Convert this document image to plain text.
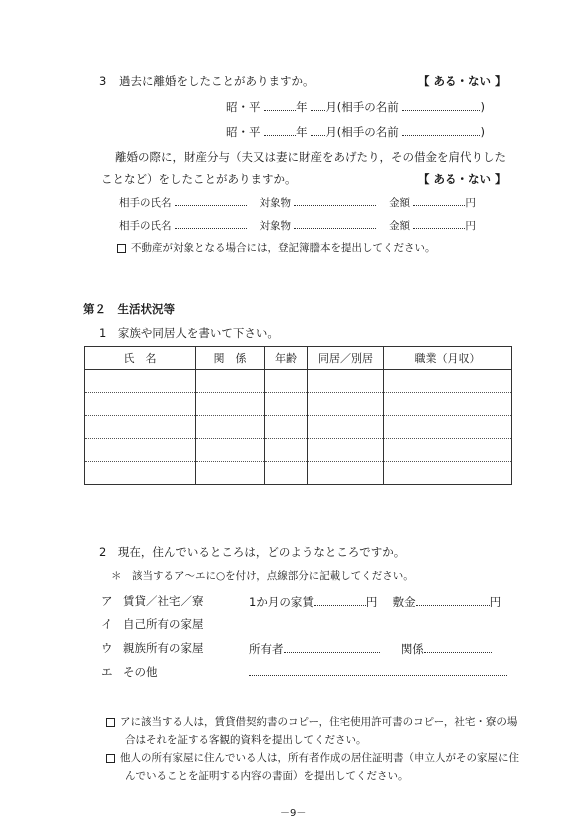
3 過去に離婚をしたことがありますか。	【 ある・ない 】
昭・平	年 月(相手の名前	)
昭・平	年 月(相手の名前	)
離婚の際に，財産分与（夫又は妻に財産をあげたり，その借金を肩代りした
ことなど）をしたことがありますか。	【 ある・ない 】
相手の氏名	対象物	金額	円
相手の氏名	対象物	金額	円
不動産が対象となる場合には，登記簿謄本を提出してください。
第２　生活状況等
1　家族や同居人を書いて下さい。
氏　名	関　係	年齢	同居／別居	職業（月収）

2　現在，住んでいるところは，どのようなところですか。
＊　該当するア～エに○を付け，点線部分に記載してください。
ア 賃貸／社宅／寮	1か月の家賃	円 敷金	円
イ 自己所有の家屋
ウ 親族所有の家屋	所有者	関係
エ その他
アに該当する人は，賃貸借契約書のコピー，住宅使用許可書のコピー，社宅・寮の場
合はそれを証する客観的資料を提出してください。
他人の所有家屋に住んでいる人は，所有者作成の居住証明書（申立人がその家屋に住
んでいることを証明する内容の書面）を提出してください。
－9－
